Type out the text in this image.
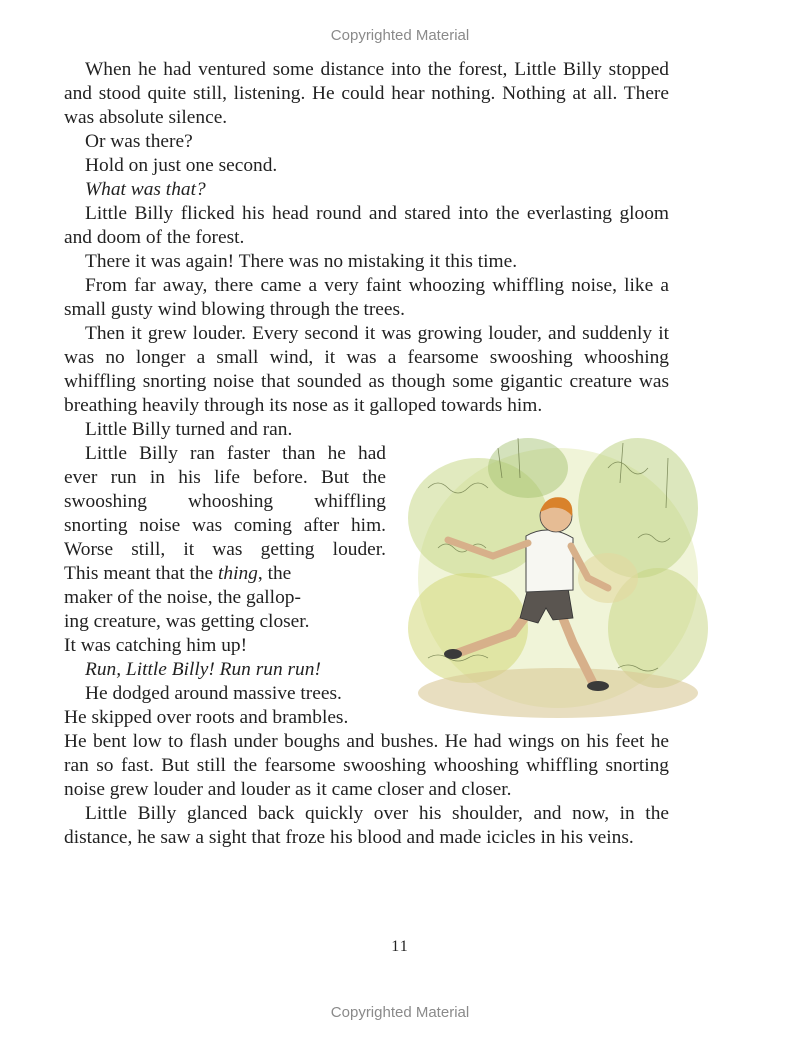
Copyrighted Material

When he had ventured some distance into the forest, Little Billy stopped and stood quite still, listening. He could hear nothing. Nothing at all. There was absolute silence.

Or was there?

Hold on just one second.

What was that?

Little Billy flicked his head round and stared into the everlasting gloom and doom of the forest.

There it was again! There was no mistaking it this time.

From far away, there came a very faint whoozing whiffling noise, like a small gusty wind blowing through the trees.

Then it grew louder. Every second it was growing louder, and suddenly it was no longer a small wind, it was a fearsome swooshing whooshing whiffling snorting noise that sounded as though some gigantic creature was breathing heavily through its nose as it galloped towards him.

Little Billy turned and ran.

Little Billy ran faster than he had
ever run in his life before. But the
swooshing whooshing whiffling
snorting noise was coming after him.
Worse still, it was getting louder.
This meant that the thing, the
maker of the noise, the gallop-
ing creature, was getting closer.
It was catching him up!

Run, Little Billy! Run run run!

He dodged around massive trees.
He skipped over roots and brambles.

He bent low to flash under boughs and bushes. He had wings on his feet he ran so fast. But still the fearsome swooshing whooshing whiffling snorting noise grew louder and louder as it came closer and closer.

Little Billy glanced back quickly over his shoulder, and now, in the distance, he saw a sight that froze his blood and made icicles in his veins.

11
Copyrighted Material
